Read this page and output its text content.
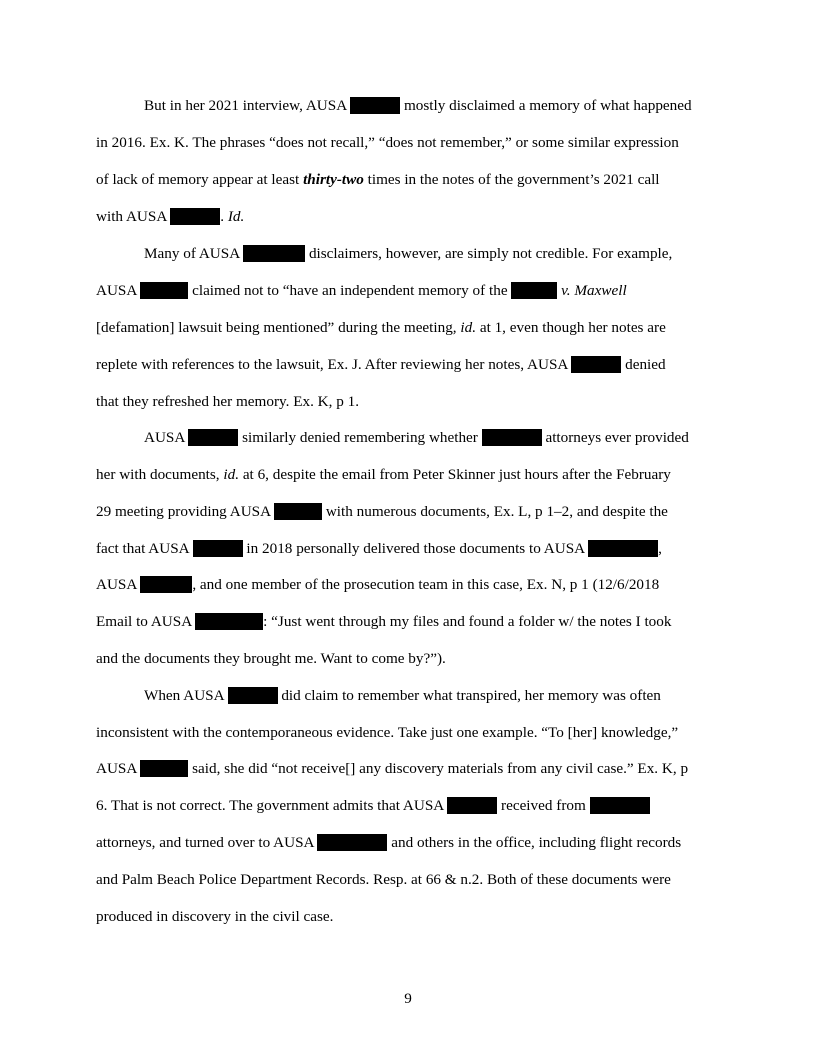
But in her 2021 interview, AUSA	mostly disclaimed a memory of what happened
in 2016. Ex. K. The phrases “does not recall,” “does not remember,” or some similar expression
of lack of memory appear at least thirty-two times in the notes of the government’s 2021 call
with AUSA	. Id.
Many of AUSA	disclaimers, however, are simply not credible. For example,
AUSA	claimed not to “have an independent memory of the	v. Maxwell
[defamation] lawsuit being mentioned” during the meeting, id. at 1, even though her notes are
replete with references to the lawsuit, Ex. J. After reviewing her notes, AUSA	denied
that they refreshed her memory. Ex. K, p 1.
AUSA	similarly denied remembering whether	attorneys ever provided
her with documents, id. at 6, despite the email from Peter Skinner just hours after the February
29 meeting providing AUSA	with numerous documents, Ex. L, p 1–2, and despite the
fact that AUSA	in 2018 personally delivered those documents to AUSA	,
AUSA	, and one member of the prosecution team in this case, Ex. N, p 1 (12/6/2018
Email to AUSA	: “Just went through my files and found a folder w/ the notes I took
and the documents they brought me. Want to come by?”).
When AUSA	did claim to remember what transpired, her memory was often
inconsistent with the contemporaneous evidence. Take just one example. “To [her] knowledge,”
AUSA	said, she did “not receive[] any discovery materials from any civil case.” Ex. K, p
6. That is not correct. The government admits that AUSA	received from
attorneys, and turned over to AUSA	and others in the office, including flight records
and Palm Beach Police Department Records. Resp. at 66 & n.2. Both of these documents were
produced in discovery in the civil case.
9
